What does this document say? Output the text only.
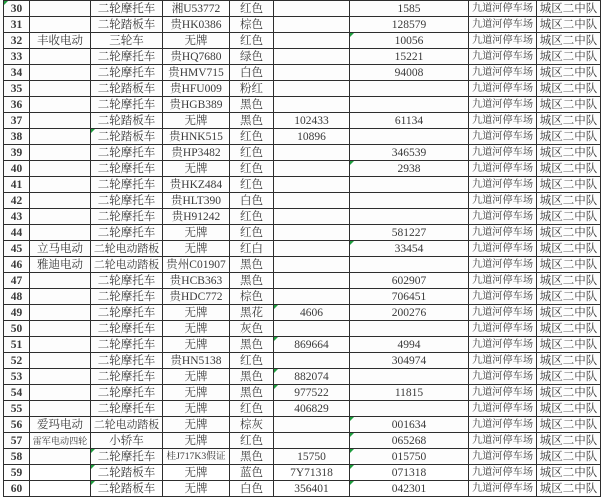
30		二轮摩托车	湘U53772	红色		1585	九道河停车场	城区二中队
31		二轮踏板车	贵HK0386	棕色		128579	九道河停车场	城区二中队
32	丰收电动	三轮车	无牌	红色		10056	九道河停车场	城区二中队
33		二轮摩托车	贵HQ7680	绿色		15221	九道河停车场	城区二中队
34		二轮摩托车	贵HMV715	白色		94008	九道河停车场	城区二中队
35		二轮踏板车	贵HFU009	粉红			九道河停车场	城区二中队
36		二轮摩托车	贵HGB389	黑色			九道河停车场	城区二中队
37		二轮踏板车	无牌	黑色	102433	61134	九道河停车场	城区二中队
38		二轮踏板车	贵HNK515	红色	10896		九道河停车场	城区二中队
39		二轮摩托车	贵HP3482	红色		346539	九道河停车场	城区二中队
40		二轮摩托车	无牌	红色		2938	九道河停车场	城区二中队
41		二轮摩托车	贵HKZ484	红色			九道河停车场	城区二中队
42		二轮摩托车	贵HLT390	白色			九道河停车场	城区二中队
43		二轮摩托车	贵H91242	红色			九道河停车场	城区二中队
44		二轮摩托车	无牌	红色		581227	九道河停车场	城区二中队
45	立马电动	二轮电动踏板	无牌	红白		33454	九道河停车场	城区二中队
46	雅迪电动	二轮电动踏板	贵州C01907	黑色			九道河停车场	城区二中队
47		二轮摩托车	贵HCB363	黑色		602907	九道河停车场	城区二中队
48		二轮摩托车	贵HDC772	棕色		706451	九道河停车场	城区二中队
49		二轮摩托车	无牌	黑花	4606	200276	九道河停车场	城区二中队
50		二轮摩托车	无牌	灰色			九道河停车场	城区二中队
51		二轮摩托车	无牌	黑色	869664	4994	九道河停车场	城区二中队
52		二轮摩托车	贵HN5138	红色		304974	九道河停车场	城区二中队
53		二轮摩托车	无牌	黑色	882074		九道河停车场	城区二中队
54		二轮摩托车	无牌	黑色	977522	11815	九道河停车场	城区二中队
55		二轮摩托车	无牌	红色	406829		九道河停车场	城区二中队
56	爱玛电动	二轮电动踏板	无牌	棕灰		001634	九道河停车场	城区二中队
57	雷军电动四轮	小轿车	无牌	红色		065268	九道河停车场	城区二中队
58		二轮摩托车	桂J717K3假证	黑色	15750	015750	九道河停车场	城区二中队
59		二轮踏板车	无牌	蓝色	7Y71318	071318	九道河停车场	城区二中队
60		二轮踏板车	无牌	白色	356401	042301	九道河停车场	城区二中队
